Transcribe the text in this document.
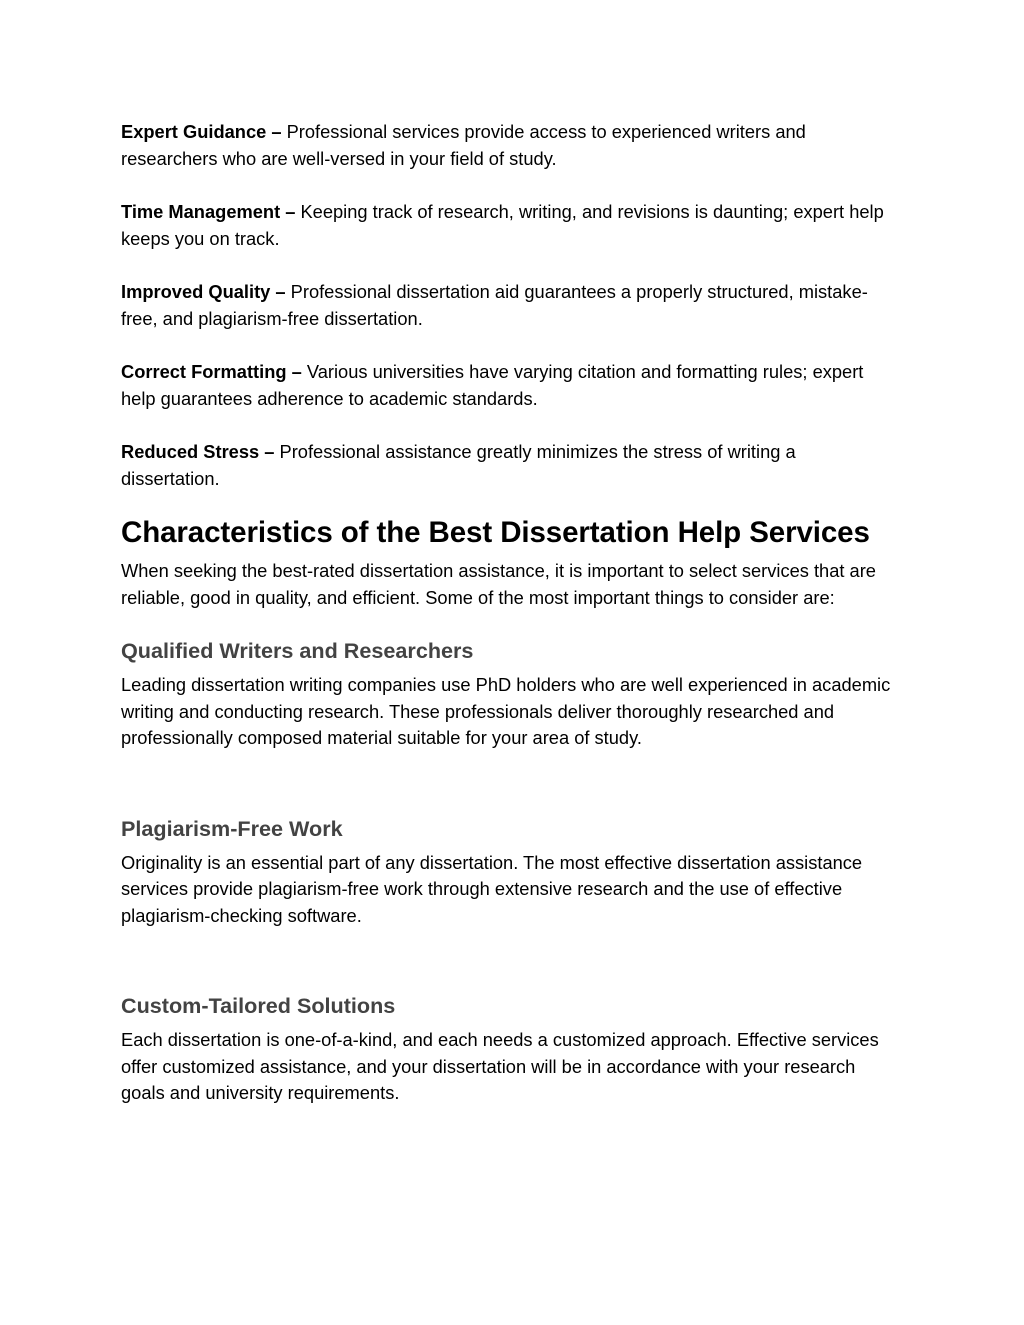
Expert Guidance – Professional services provide access to experienced writers and researchers who are well-versed in your field of study.

Time Management – Keeping track of research, writing, and revisions is daunting; expert help keeps you on track.

Improved Quality – Professional dissertation aid guarantees a properly structured, mistake-free, and plagiarism-free dissertation.

Correct Formatting – Various universities have varying citation and formatting rules; expert help guarantees adherence to academic standards.

Reduced Stress – Professional assistance greatly minimizes the stress of writing a dissertation.

Characteristics of the Best Dissertation Help Services

When seeking the best-rated dissertation assistance, it is important to select services that are reliable, good in quality, and efficient. Some of the most important things to consider are:

Qualified Writers and Researchers

Leading dissertation writing companies use PhD holders who are well experienced in academic writing and conducting research. These professionals deliver thoroughly researched and professionally composed material suitable for your area of study.

Plagiarism-Free Work

Originality is an essential part of any dissertation. The most effective dissertation assistance services provide plagiarism-free work through extensive research and the use of effective plagiarism-checking software.

Custom-Tailored Solutions

Each dissertation is one-of-a-kind, and each needs a customized approach. Effective services offer customized assistance, and your dissertation will be in accordance with your research goals and university requirements.
